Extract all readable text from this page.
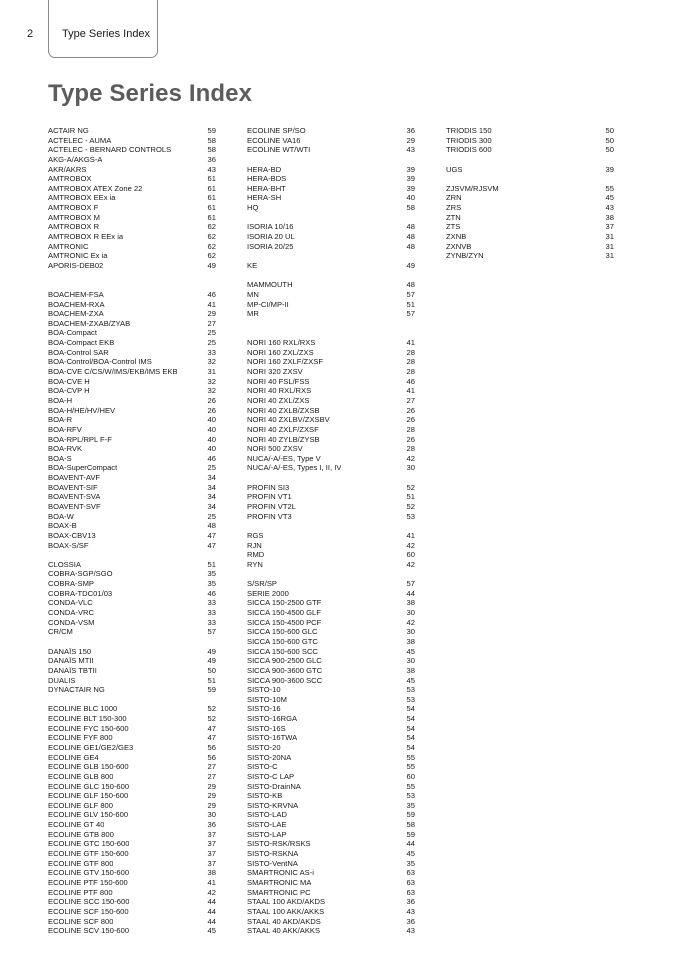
2	Type Series Index
Type Series Index
ACTAIR NG	59
ACTELEC - AUMA	58
ACTELEC - BERNARD CONTROLS	58
AKG-A/AKGS-A	36
AKR/AKRS	43
AMTROBOX	61
AMTROBOX ATEX Zone 22	61
AMTROBOX EEx ia	61
AMTROBOX F	61
AMTROBOX M	61
AMTROBOX R	62
AMTROBOX R EEx ia	62
AMTRONIC	62
AMTRONIC Ex ia	62
APORIS-DEB02	49
BOACHEM-FSA	46
BOACHEM-RXA	41
BOACHEM-ZXA	29
BOACHEM-ZXAB/ZYAB	27
BOA-Compact	25
BOA-Compact EKB	25
BOA-Control SAR	33
BOA-Control/BOA-Control IMS	32
BOA-CVE C/CS/W/IMS/EKB/IMS EKB	31
BOA-CVE H	32
BOA-CVP H	32
BOA-H	26
BOA-H/HE/HV/HEV	26
BOA-R	40
BOA-RFV	40
BOA-RPL/RPL F-F	40
BOA-RVK	40
BOA-S	46
BOA-SuperCompact	25
BOAVENT-AVF	34
BOAVENT-SIF	34
BOAVENT-SVA	34
BOAVENT-SVF	34
BOA-W	25
BOAX-B	48
BOAX-CBV13	47
BOAX-S/SF	47
CLOSSIA	51
COBRA-SGP/SGO	35
COBRA-SMP	35
COBRA-TDC01/03	46
CONDA-VLC	33
CONDA-VRC	33
CONDA-VSM	33
CR/CM	57
DANAÏS 150	49
DANAÏS MTII	49
DANAÏS TBTII	50
DUALIS	51
DYNACTAIR NG	59
ECOLINE BLC 1000	52
ECOLINE BLT 150-300	52
ECOLINE FYC 150-600	47
ECOLINE FYF 800	47
ECOLINE GE1/GE2/GE3	56
ECOLINE GE4	56
ECOLINE GLB 150-600	27
ECOLINE GLB 800	27
ECOLINE GLC 150-600	29
ECOLINE GLF 150-600	29
ECOLINE GLF 800	29
ECOLINE GLV 150-600	30
ECOLINE GT 40	36
ECOLINE GTB 800	37
ECOLINE GTC 150-600	37
ECOLINE GTF 150-600	37
ECOLINE GTF 800	37
ECOLINE GTV 150-600	38
ECOLINE PTF 150-600	41
ECOLINE PTF 800	42
ECOLINE SCC 150-600	44
ECOLINE SCF 150-600	44
ECOLINE SCF 800	44
ECOLINE SCV 150-600	45
ECOLINE SP/SO	36
ECOLINE VA16	29
ECOLINE WT/WTI	43
HERA-BD	39
HERA-BDS	39
HERA-BHT	39
HERA-SH	40
HQ	58
ISORIA 10/16	48
ISORIA 20 UL	48
ISORIA 20/25	48
KE	49
MAMMOUTH	48
MN	57
MP-CI/MP-II	51
MR	57
NORI 160 RXL/RXS	41
NORI 160 ZXL/ZXS	28
NORI 160 ZXLF/ZXSF	28
NORI 320 ZXSV	28
NORI 40 FSL/FSS	46
NORI 40 RXL/RXS	41
NORI 40 ZXL/ZXS	27
NORI 40 ZXLB/ZXSB	26
NORI 40 ZXLBV/ZXSBV	26
NORI 40 ZXLF/ZXSF	28
NORI 40 ZYLB/ZYSB	26
NORI 500 ZXSV	28
NUCA/-A/-ES, Type V	42
NUCA/-A/-ES, Types I, II, IV	30
PROFIN SI3	52
PROFIN VT1	51
PROFIN VT2L	52
PROFIN VT3	53
RGS	41
RJN	42
RMD	60
RYN	42
S/SR/SP	57
SERIE 2000	44
SICCA 150-2500 GTF	38
SICCA 150-4500 GLF	30
SICCA 150-4500 PCF	42
SICCA 150-600 GLC	30
SICCA 150-600 GTC	38
SICCA 150-600 SCC	45
SICCA 900-2500 GLC	30
SICCA 900-3600 GTC	38
SICCA 900-3600 SCC	45
SISTO-10	53
SISTO-10M	53
SISTO-16	54
SISTO-16RGA	54
SISTO-16S	54
SISTO-16TWA	54
SISTO-20	54
SISTO-20NA	55
SISTO-C	55
SISTO-C LAP	60
SISTO-DrainNA	55
SISTO-KB	53
SISTO-KRVNA	35
SISTO-LAD	59
SISTO-LAE	58
SISTO-LAP	59
SISTO-RSK/RSKS	44
SISTO-RSKNA	45
SISTO-VentNA	35
SMARTRONIC AS-i	63
SMARTRONIC MA	63
SMARTRONIC PC	63
STAAL 100 AKD/AKDS	36
STAAL 100 AKK/AKKS	43
STAAL 40 AKD/AKDS	36
STAAL 40 AKK/AKKS	43
TRIODIS 150	50
TRIODIS 300	50
TRIODIS 600	50
UGS	39
ZJSVM/RJSVM	55
ZRN	45
ZRS	43
ZTN	38
ZTS	37
ZXNB	31
ZXNVB	31
ZYNB/ZYN	31
